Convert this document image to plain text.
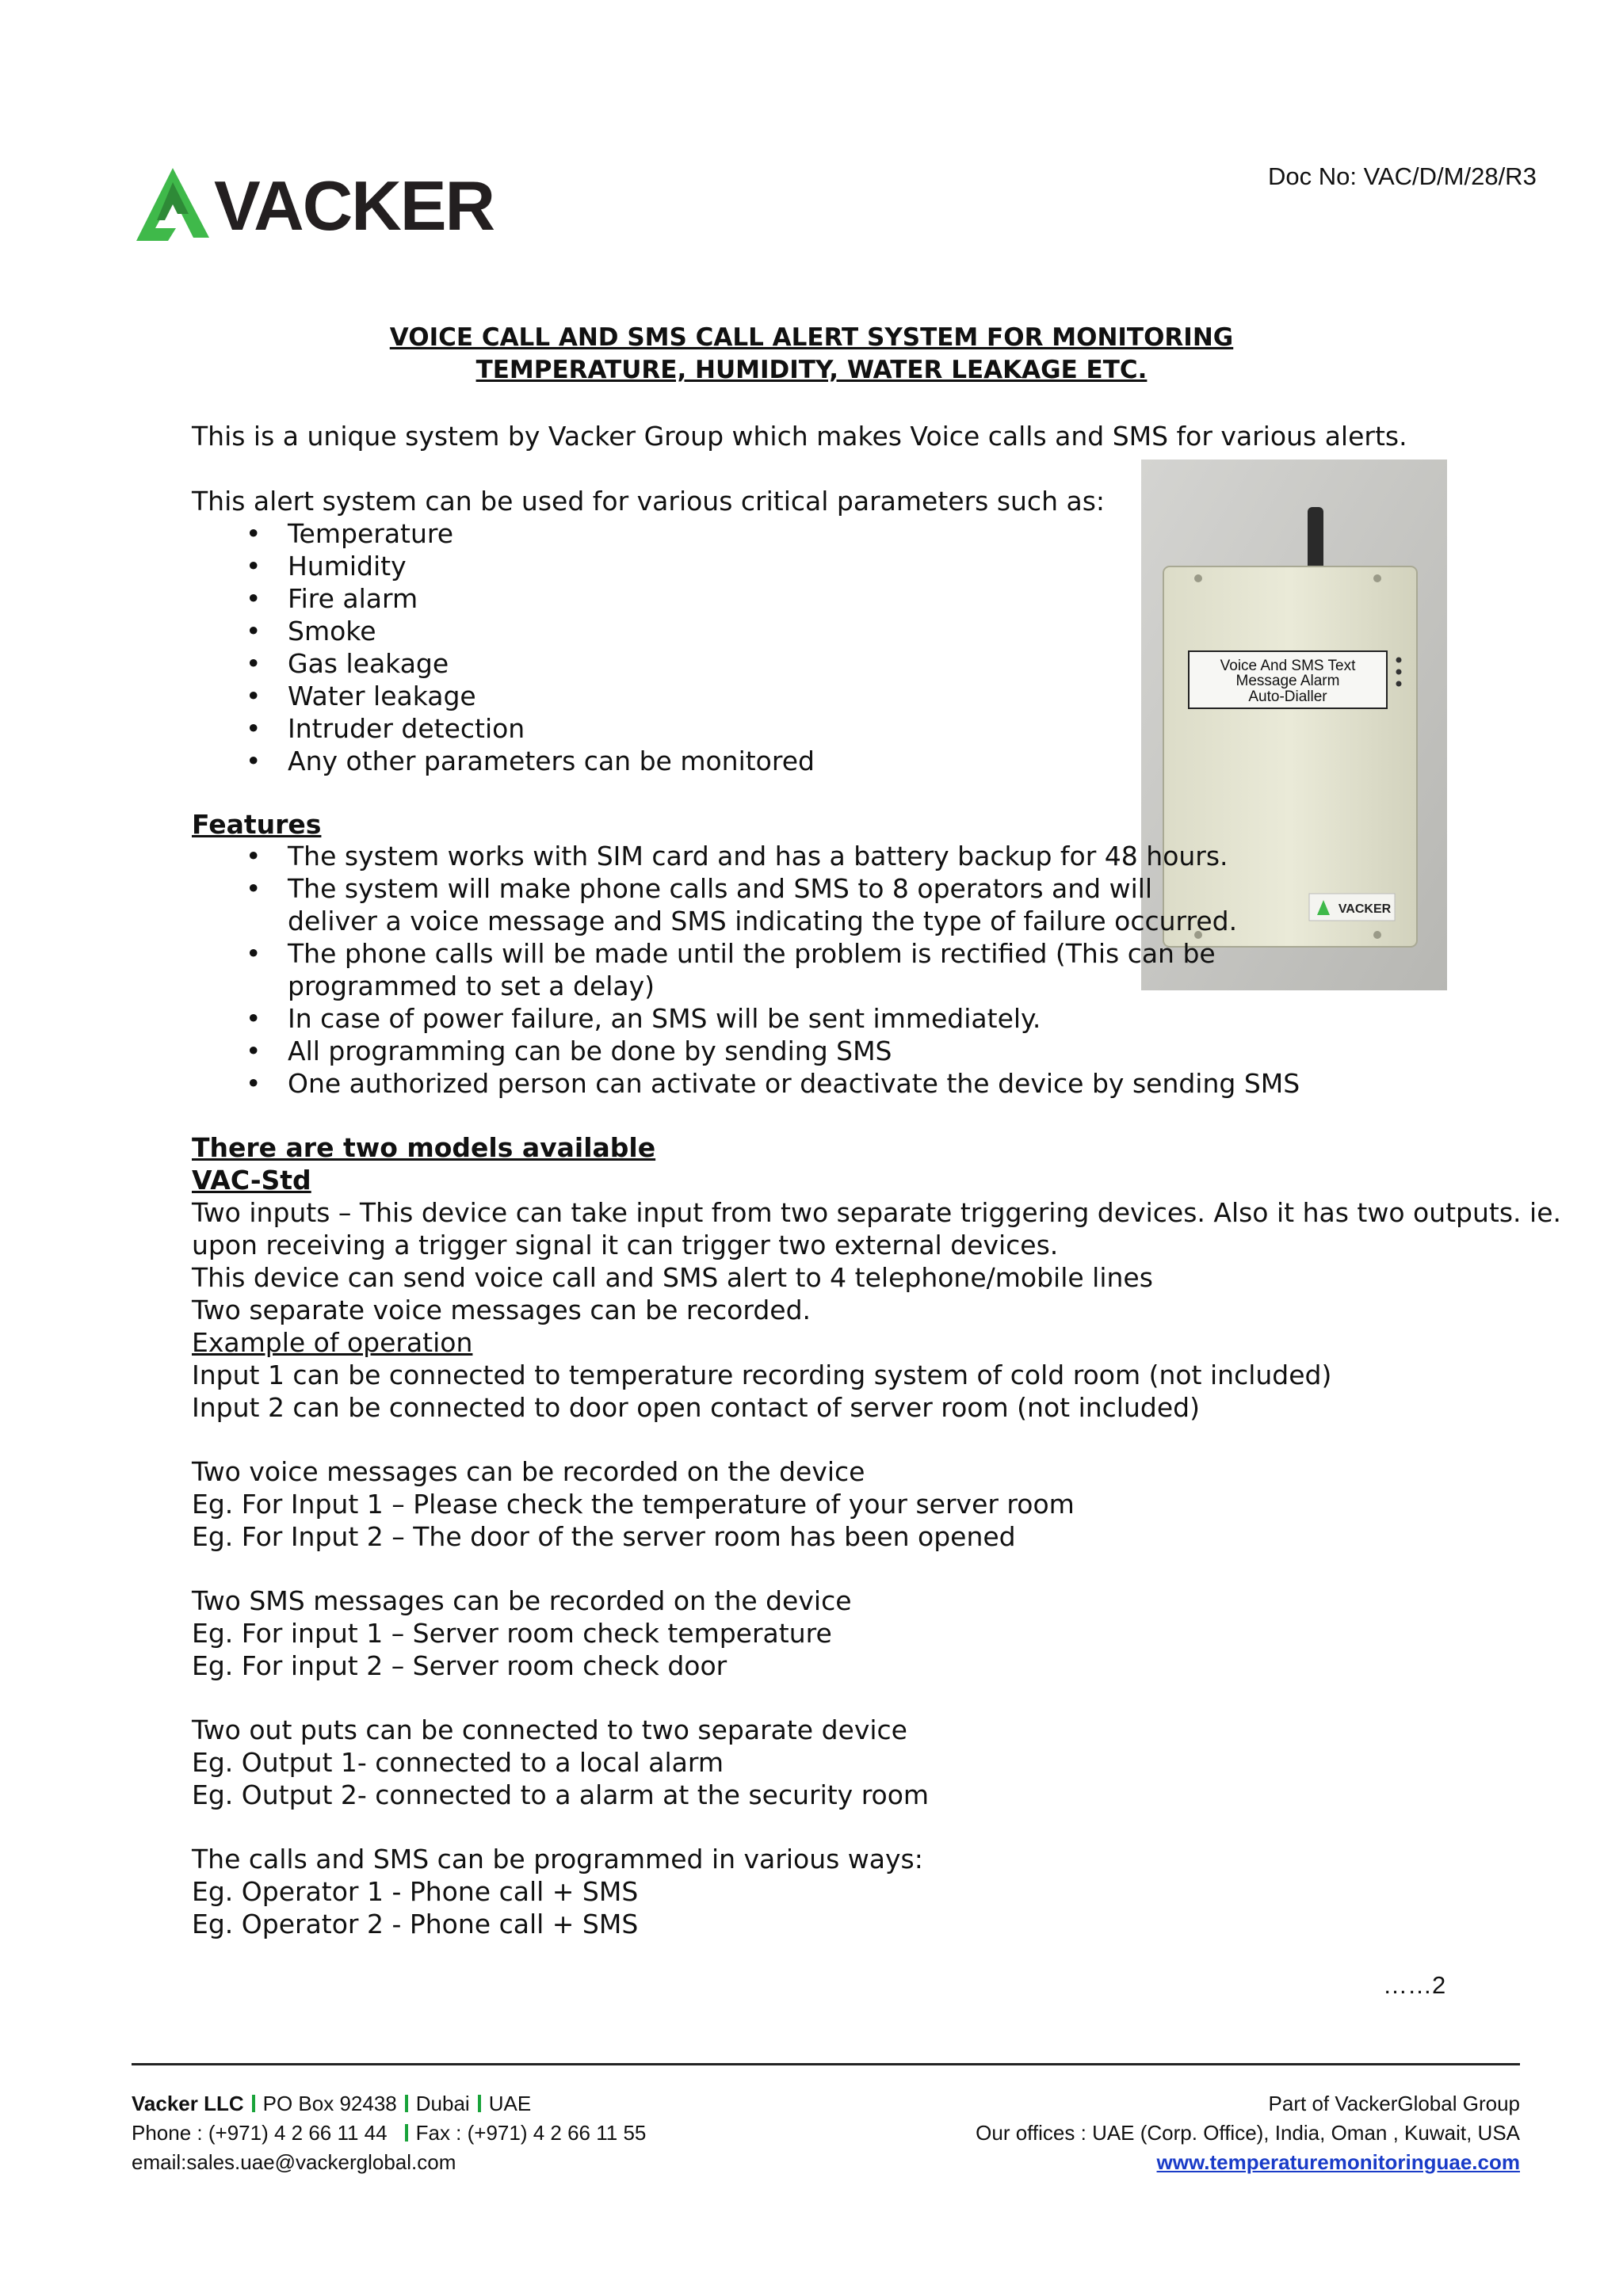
VACKER	Doc No: VAC/D/M/28/R3
VOICE CALL AND SMS CALL ALERT SYSTEM FOR MONITORING
TEMPERATURE, HUMIDITY, WATER LEAKAGE ETC.
This is a unique system by Vacker Group which makes Voice calls and SMS for various alerts.
This alert system can be used for various critical parameters such as:
• Temperature
• Humidity
• Fire alarm
• Smoke
• Gas leakage
• Water leakage
• Intruder detection
• Any other parameters can be monitored
Voice And SMS Text
Message Alarm
Auto-Dialler
VACKER
Features
• The system works with SIM card and has a battery backup for 48 hours.
• The system will make phone calls and SMS to 8 operators and will
deliver a voice message and SMS indicating the type of failure occurred.
• The phone calls will be made until the problem is rectified (This can be
programmed to set a delay)
• In case of power failure, an SMS will be sent immediately.
• All programming can be done by sending SMS
• One authorized person can activate or deactivate the device by sending SMS
There are two models available
VAC-Std
Two inputs – This device can take input from two separate triggering devices. Also it has two outputs. ie.
upon receiving a trigger signal it can trigger two external devices.
This device can send voice call and SMS alert to 4 telephone/mobile lines
Two separate voice messages can be recorded.
Example of operation
Input 1 can be connected to temperature recording system of cold room (not included)
Input 2 can be connected to door open contact of server room (not included)
Two voice messages can be recorded on the device
Eg. For Input 1 – Please check the temperature of your server room
Eg. For Input 2 – The door of the server room has been opened
Two SMS messages can be recorded on the device
Eg. For input 1 – Server room check temperature
Eg. For input 2 – Server room check door
Two out puts can be connected to two separate device
Eg. Output 1- connected to a local alarm
Eg. Output 2- connected to a alarm at the security room
The calls and SMS can be programmed in various ways:
Eg. Operator 1 - Phone call + SMS
Eg. Operator 2 - Phone call + SMS
……2
Vacker LLC PO Box 92438 Dubai UAE
Phone : (+971) 4 2 66 11 44 Fax : (+971) 4 2 66 11 55
email:sales.uae@vackerglobal.com
Part of VackerGlobal Group
Our offices : UAE (Corp. Office), India, Oman , Kuwait, USA
www.temperaturemonitoringuae.com
